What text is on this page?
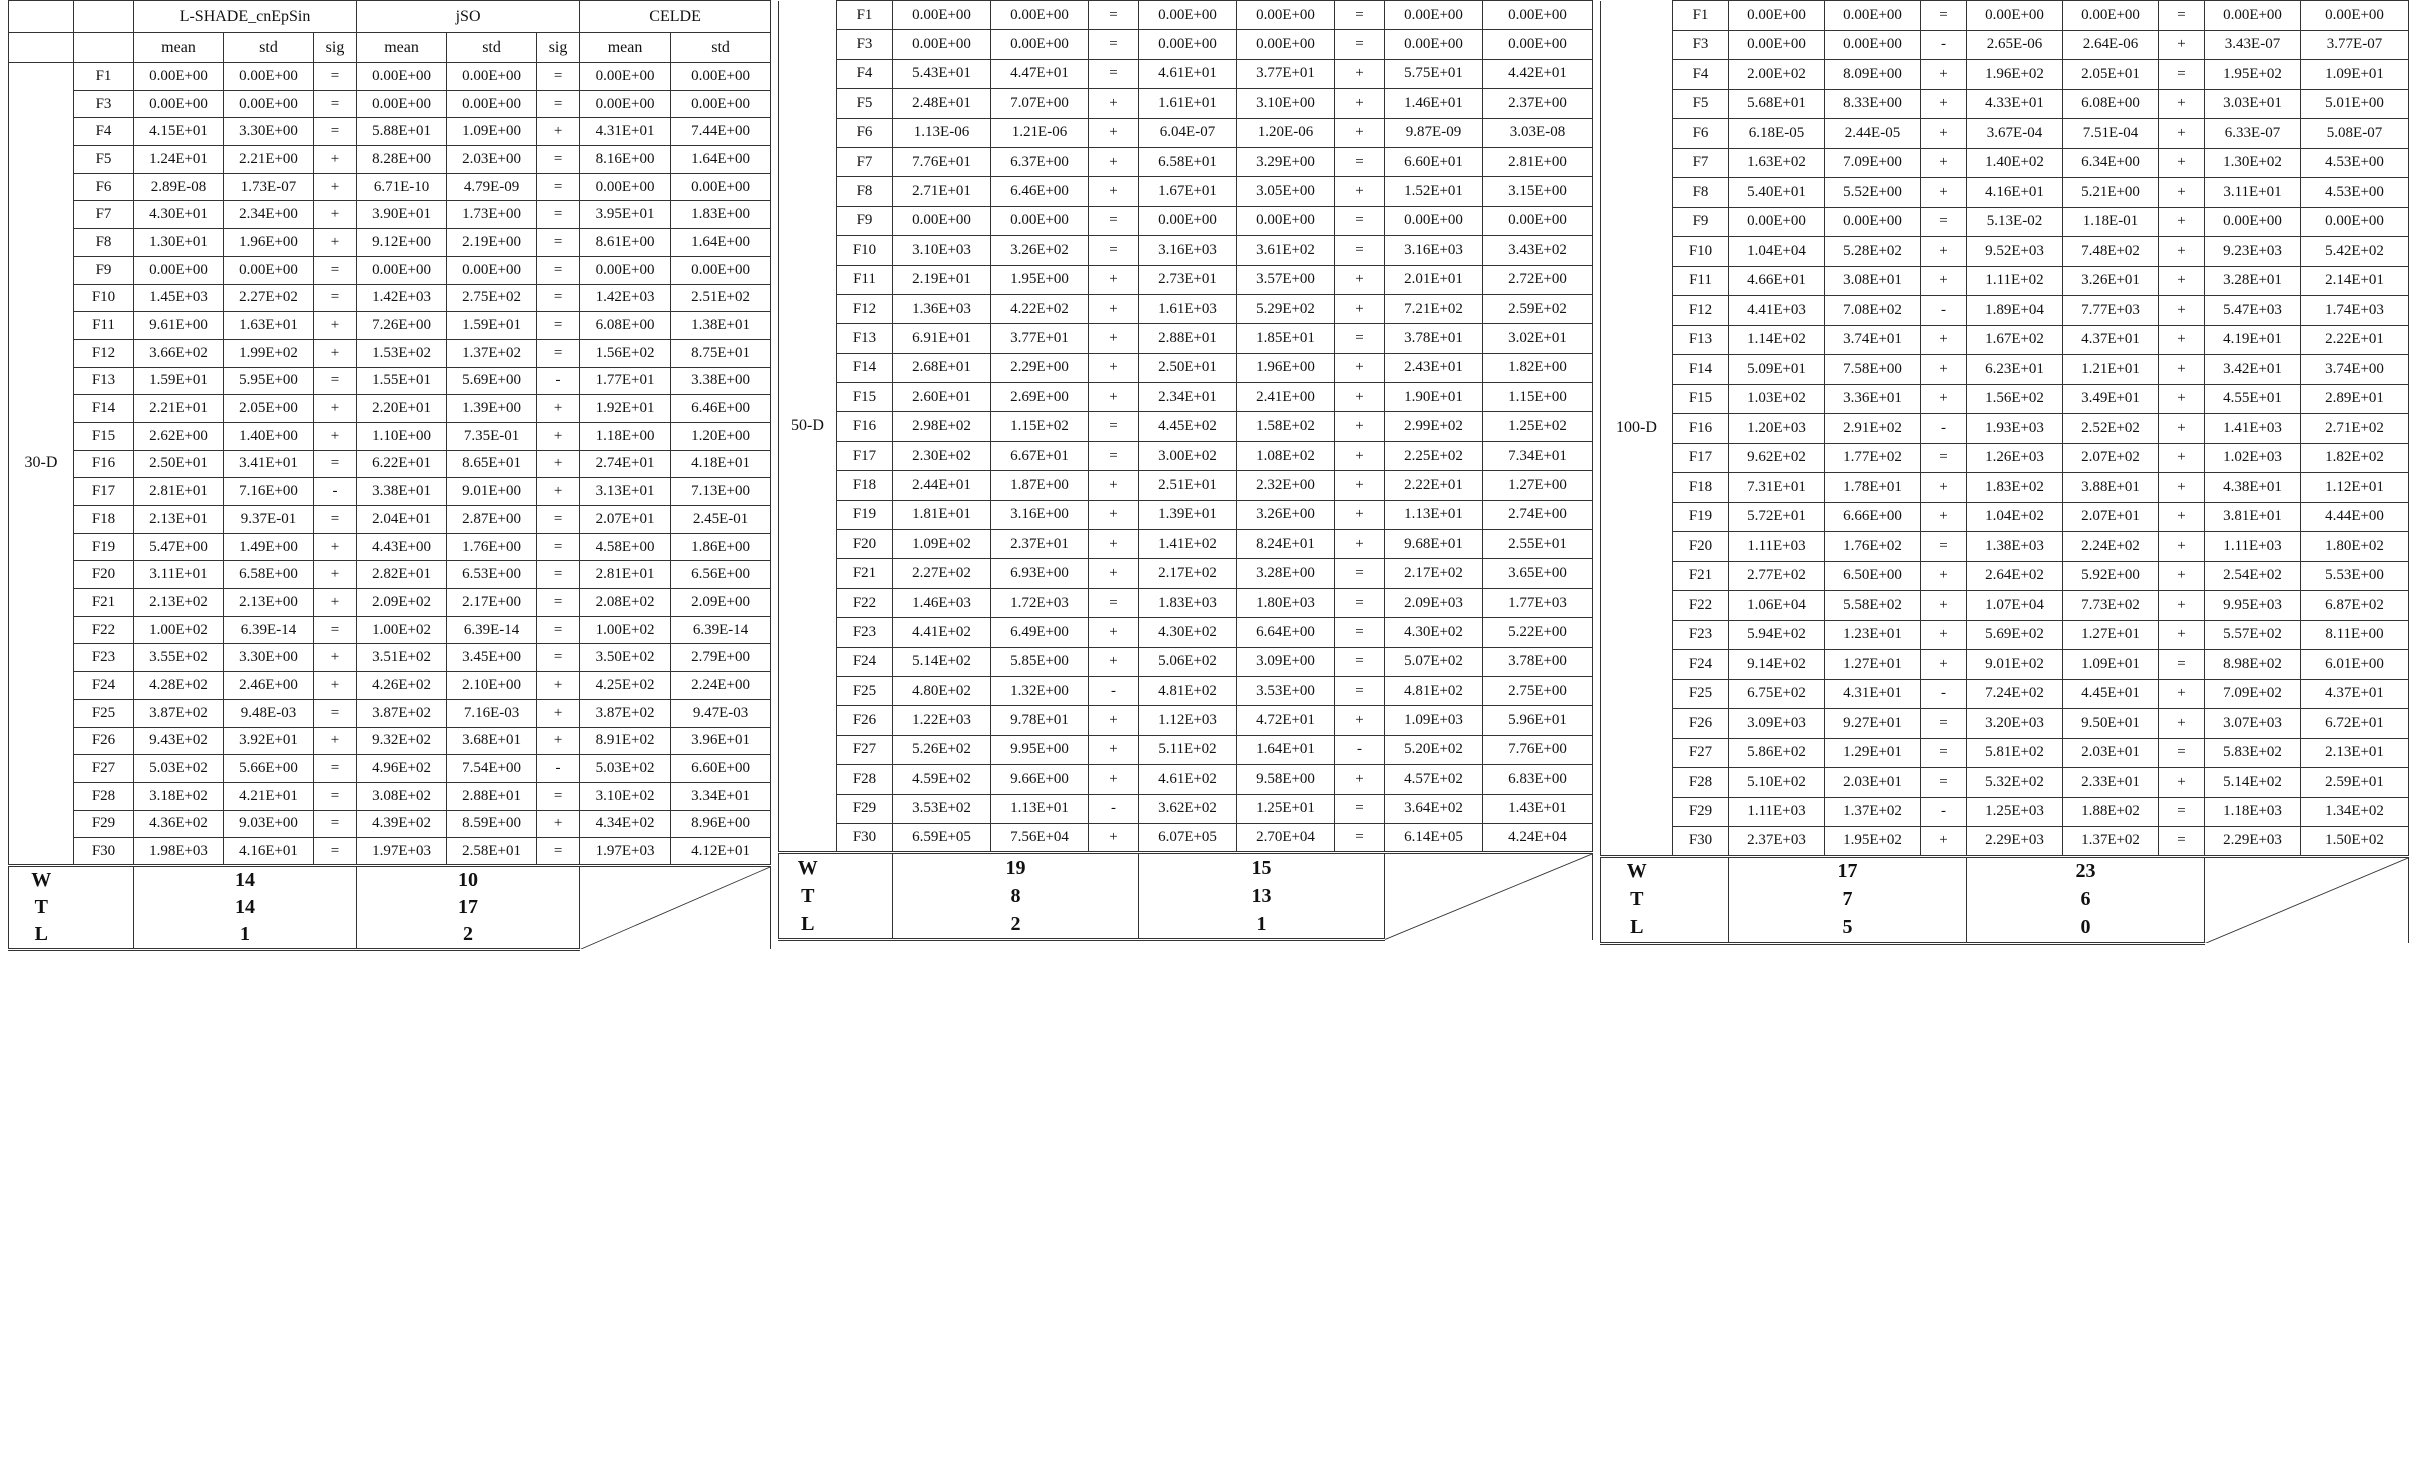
		L-SHADE_cnEpSin			jSO			CELDE	
		mean	std	sig	mean	std	sig	mean	std
30-D	F1	0.00E+00	0.00E+00	=	0.00E+00	0.00E+00	=	0.00E+00	0.00E+00
	F3	0.00E+00	0.00E+00	=	0.00E+00	0.00E+00	=	0.00E+00	0.00E+00
	F4	4.15E+01	3.30E+00	=	5.88E+01	1.09E+00	+	4.31E+01	7.44E+00
	F5	1.24E+01	2.21E+00	+	8.28E+00	2.03E+00	=	8.16E+00	1.64E+00
	F6	2.89E-08	1.73E-07	+	6.71E-10	4.79E-09	=	0.00E+00	0.00E+00
	F7	4.30E+01	2.34E+00	+	3.90E+01	1.73E+00	=	3.95E+01	1.83E+00
	F8	1.30E+01	1.96E+00	+	9.12E+00	2.19E+00	=	8.61E+00	1.64E+00
	F9	0.00E+00	0.00E+00	=	0.00E+00	0.00E+00	=	0.00E+00	0.00E+00
	F10	1.45E+03	2.27E+02	=	1.42E+03	2.75E+02	=	1.42E+03	2.51E+02
	F11	9.61E+00	1.63E+01	+	7.26E+00	1.59E+01	=	6.08E+00	1.38E+01
	F12	3.66E+02	1.99E+02	+	1.53E+02	1.37E+02	=	1.56E+02	8.75E+01
	F13	1.59E+01	5.95E+00	=	1.55E+01	5.69E+00	-	1.77E+01	3.38E+00
	F14	2.21E+01	2.05E+00	+	2.20E+01	1.39E+00	+	1.92E+01	6.46E+00
	F15	2.62E+00	1.40E+00	+	1.10E+00	7.35E-01	+	1.18E+00	1.20E+00
	F16	2.50E+01	3.41E+01	=	6.22E+01	8.65E+01	+	2.74E+01	4.18E+01
	F17	2.81E+01	7.16E+00	-	3.38E+01	9.01E+00	+	3.13E+01	7.13E+00
	F18	2.13E+01	9.37E-01	=	2.04E+01	2.87E+00	=	2.07E+01	2.45E-01
	F19	5.47E+00	1.49E+00	+	4.43E+00	1.76E+00	=	4.58E+00	1.86E+00
	F20	3.11E+01	6.58E+00	+	2.82E+01	6.53E+00	=	2.81E+01	6.56E+00
	F21	2.13E+02	2.13E+00	+	2.09E+02	2.17E+00	=	2.08E+02	2.09E+00
	F22	1.00E+02	6.39E-14	=	1.00E+02	6.39E-14	=	1.00E+02	6.39E-14
	F23	3.55E+02	3.30E+00	+	3.51E+02	3.45E+00	=	3.50E+02	2.79E+00
	F24	4.28E+02	2.46E+00	+	4.26E+02	2.10E+00	+	4.25E+02	2.24E+00
	F25	3.87E+02	9.48E-03	=	3.87E+02	7.16E-03	+	3.87E+02	9.47E-03
	F26	9.43E+02	3.92E+01	+	9.32E+02	3.68E+01	+	8.91E+02	3.96E+01
	F27	5.03E+02	5.66E+00	=	4.96E+02	7.54E+00	-	5.03E+02	6.60E+00
	F28	3.18E+02	4.21E+01	=	3.08E+02	2.88E+01	=	3.10E+02	3.34E+01
	F29	4.36E+02	9.03E+00	=	4.39E+02	8.59E+00	+	4.34E+02	8.96E+00
	F30	1.98E+03	4.16E+01	=	1.97E+03	2.58E+01	=	1.97E+03	4.12E+01
W		14			10	

T		14			17				
L		1			2				
50-D	F1	0.00E+00	0.00E+00	=	0.00E+00	0.00E+00	=	0.00E+00	0.00E+00
	F3	0.00E+00	0.00E+00	=	0.00E+00	0.00E+00	=	0.00E+00	0.00E+00
	F4	5.43E+01	4.47E+01	=	4.61E+01	3.77E+01	+	5.75E+01	4.42E+01
	F5	2.48E+01	7.07E+00	+	1.61E+01	3.10E+00	+	1.46E+01	2.37E+00
	F6	1.13E-06	1.21E-06	+	6.04E-07	1.20E-06	+	9.87E-09	3.03E-08
	F7	7.76E+01	6.37E+00	+	6.58E+01	3.29E+00	=	6.60E+01	2.81E+00
	F8	2.71E+01	6.46E+00	+	1.67E+01	3.05E+00	+	1.52E+01	3.15E+00
	F9	0.00E+00	0.00E+00	=	0.00E+00	0.00E+00	=	0.00E+00	0.00E+00
	F10	3.10E+03	3.26E+02	=	3.16E+03	3.61E+02	=	3.16E+03	3.43E+02
	F11	2.19E+01	1.95E+00	+	2.73E+01	3.57E+00	+	2.01E+01	2.72E+00
	F12	1.36E+03	4.22E+02	+	1.61E+03	5.29E+02	+	7.21E+02	2.59E+02
	F13	6.91E+01	3.77E+01	+	2.88E+01	1.85E+01	=	3.78E+01	3.02E+01
	F14	2.68E+01	2.29E+00	+	2.50E+01	1.96E+00	+	2.43E+01	1.82E+00
	F15	2.60E+01	2.69E+00	+	2.34E+01	2.41E+00	+	1.90E+01	1.15E+00
	F16	2.98E+02	1.15E+02	=	4.45E+02	1.58E+02	+	2.99E+02	1.25E+02
	F17	2.30E+02	6.67E+01	=	3.00E+02	1.08E+02	+	2.25E+02	7.34E+01
	F18	2.44E+01	1.87E+00	+	2.51E+01	2.32E+00	+	2.22E+01	1.27E+00
	F19	1.81E+01	3.16E+00	+	1.39E+01	3.26E+00	+	1.13E+01	2.74E+00
	F20	1.09E+02	2.37E+01	+	1.41E+02	8.24E+01	+	9.68E+01	2.55E+01
	F21	2.27E+02	6.93E+00	+	2.17E+02	3.28E+00	=	2.17E+02	3.65E+00
	F22	1.46E+03	1.72E+03	=	1.83E+03	1.80E+03	=	2.09E+03	1.77E+03
	F23	4.41E+02	6.49E+00	+	4.30E+02	6.64E+00	=	4.30E+02	5.22E+00
	F24	5.14E+02	5.85E+00	+	5.06E+02	3.09E+00	=	5.07E+02	3.78E+00
	F25	4.80E+02	1.32E+00	-	4.81E+02	3.53E+00	=	4.81E+02	2.75E+00
	F26	1.22E+03	9.78E+01	+	1.12E+03	4.72E+01	+	1.09E+03	5.96E+01
	F27	5.26E+02	9.95E+00	+	5.11E+02	1.64E+01	-	5.20E+02	7.76E+00
	F28	4.59E+02	9.66E+00	+	4.61E+02	9.58E+00	+	4.57E+02	6.83E+00
	F29	3.53E+02	1.13E+01	-	3.62E+02	1.25E+01	=	3.64E+02	1.43E+01
	F30	6.59E+05	7.56E+04	+	6.07E+05	2.70E+04	=	6.14E+05	4.24E+04
W		19			15	

T		8			13				
L		2			1				
100-D	F1	0.00E+00	0.00E+00	=	0.00E+00	0.00E+00	=	0.00E+00	0.00E+00
	F3	0.00E+00	0.00E+00	-	2.65E-06	2.64E-06	+	3.43E-07	3.77E-07
	F4	2.00E+02	8.09E+00	+	1.96E+02	2.05E+01	=	1.95E+02	1.09E+01
	F5	5.68E+01	8.33E+00	+	4.33E+01	6.08E+00	+	3.03E+01	5.01E+00
	F6	6.18E-05	2.44E-05	+	3.67E-04	7.51E-04	+	6.33E-07	5.08E-07
	F7	1.63E+02	7.09E+00	+	1.40E+02	6.34E+00	+	1.30E+02	4.53E+00
	F8	5.40E+01	5.52E+00	+	4.16E+01	5.21E+00	+	3.11E+01	4.53E+00
	F9	0.00E+00	0.00E+00	=	5.13E-02	1.18E-01	+	0.00E+00	0.00E+00
	F10	1.04E+04	5.28E+02	+	9.52E+03	7.48E+02	+	9.23E+03	5.42E+02
	F11	4.66E+01	3.08E+01	+	1.11E+02	3.26E+01	+	3.28E+01	2.14E+01
	F12	4.41E+03	7.08E+02	-	1.89E+04	7.77E+03	+	5.47E+03	1.74E+03
	F13	1.14E+02	3.74E+01	+	1.67E+02	4.37E+01	+	4.19E+01	2.22E+01
	F14	5.09E+01	7.58E+00	+	6.23E+01	1.21E+01	+	3.42E+01	3.74E+00
	F15	1.03E+02	3.36E+01	+	1.56E+02	3.49E+01	+	4.55E+01	2.89E+01
	F16	1.20E+03	2.91E+02	-	1.93E+03	2.52E+02	+	1.41E+03	2.71E+02
	F17	9.62E+02	1.77E+02	=	1.26E+03	2.07E+02	+	1.02E+03	1.82E+02
	F18	7.31E+01	1.78E+01	+	1.83E+02	3.88E+01	+	4.38E+01	1.12E+01
	F19	5.72E+01	6.66E+00	+	1.04E+02	2.07E+01	+	3.81E+01	4.44E+00
	F20	1.11E+03	1.76E+02	=	1.38E+03	2.24E+02	+	1.11E+03	1.80E+02
	F21	2.77E+02	6.50E+00	+	2.64E+02	5.92E+00	+	2.54E+02	5.53E+00
	F22	1.06E+04	5.58E+02	+	1.07E+04	7.73E+02	+	9.95E+03	6.87E+02
	F23	5.94E+02	1.23E+01	+	5.69E+02	1.27E+01	+	5.57E+02	8.11E+00
	F24	9.14E+02	1.27E+01	+	9.01E+02	1.09E+01	=	8.98E+02	6.01E+00
	F25	6.75E+02	4.31E+01	-	7.24E+02	4.45E+01	+	7.09E+02	4.37E+01
	F26	3.09E+03	9.27E+01	=	3.20E+03	9.50E+01	+	3.07E+03	6.72E+01
	F27	5.86E+02	1.29E+01	=	5.81E+02	2.03E+01	=	5.83E+02	2.13E+01
	F28	5.10E+02	2.03E+01	=	5.32E+02	2.33E+01	+	5.14E+02	2.59E+01
	F29	1.11E+03	1.37E+02	-	1.25E+03	1.88E+02	=	1.18E+03	1.34E+02
	F30	2.37E+03	1.95E+02	+	2.29E+03	1.37E+02	=	2.29E+03	1.50E+02
W		17			23	

T		7			6				
L		5			0				
